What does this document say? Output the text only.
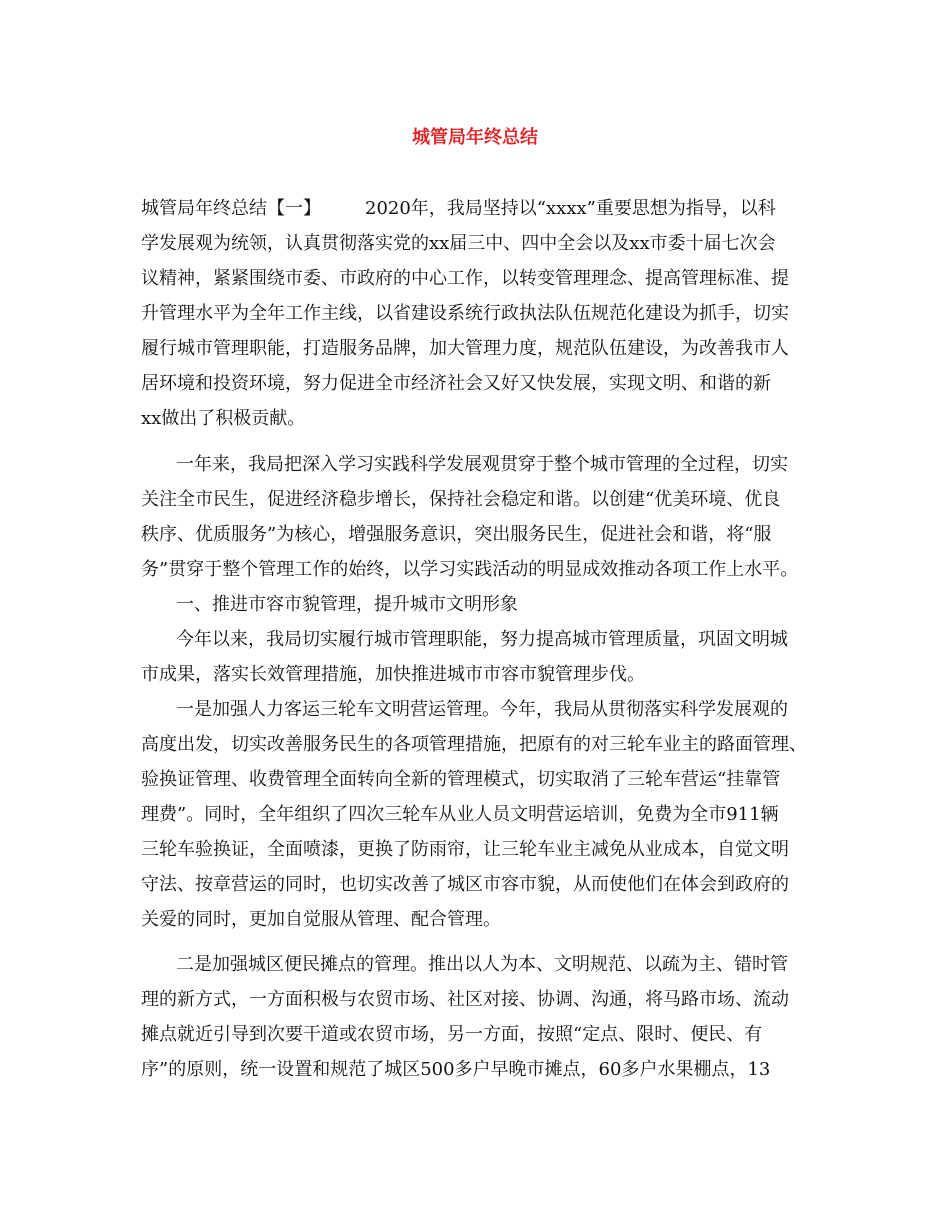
城管局年终总结
城管局年终总结【一】 2020年，我局坚持以“xxxx”重要思想为指导，以科
学发展观为统领，认真贯彻落实党的xx届三中、四中全会以及xx市委十届七次会
议精神，紧紧围绕市委、市政府的中心工作，以转变管理理念、提高管理标准、提
升管理水平为全年工作主线，以省建设系统行政执法队伍规范化建设为抓手，切实
履行城市管理职能，打造服务品牌，加大管理力度，规范队伍建设，为改善我市人
居环境和投资环境，努力促进全市经济社会又好又快发展，实现文明、和谐的新
xx做出了积极贡献。
一年来，我局把深入学习实践科学发展观贯穿于整个城市管理的全过程，切实
关注全市民生，促进经济稳步增长，保持社会稳定和谐。以创建“优美环境、优良
秩序、优质服务”为核心，增强服务意识，突出服务民生，促进社会和谐，将“服
务”贯穿于整个管理工作的始终，以学习实践活动的明显成效推动各项工作上水平。
一、推进市容市貌管理，提升城市文明形象
今年以来，我局切实履行城市管理职能，努力提高城市管理质量，巩固文明城
市成果，落实长效管理措施，加快推进城市市容市貌管理步伐。
一是加强人力客运三轮车文明营运管理。今年，我局从贯彻落实科学发展观的
高度出发，切实改善服务民生的各项管理措施，把原有的对三轮车业主的路面管理、
验换证管理、收费管理全面转向全新的管理模式，切实取消了三轮车营运“挂靠管
理费”。同时，全年组织了四次三轮车从业人员文明营运培训，免费为全市911辆
三轮车验换证，全面喷漆，更换了防雨帘，让三轮车业主减免从业成本，自觉文明
守法、按章营运的同时，也切实改善了城区市容市貌，从而使他们在体会到政府的
关爱的同时，更加自觉服从管理、配合管理。
二是加强城区便民摊点的管理。推出以人为本、文明规范、以疏为主、错时管
理的新方式，一方面积极与农贸市场、社区对接、协调、沟通，将马路市场、流动
摊点就近引导到次要干道或农贸市场，另一方面，按照“定点、限时、便民、有
序”的原则，统一设置和规范了城区500多户早晚市摊点，60多户水果棚点，13
